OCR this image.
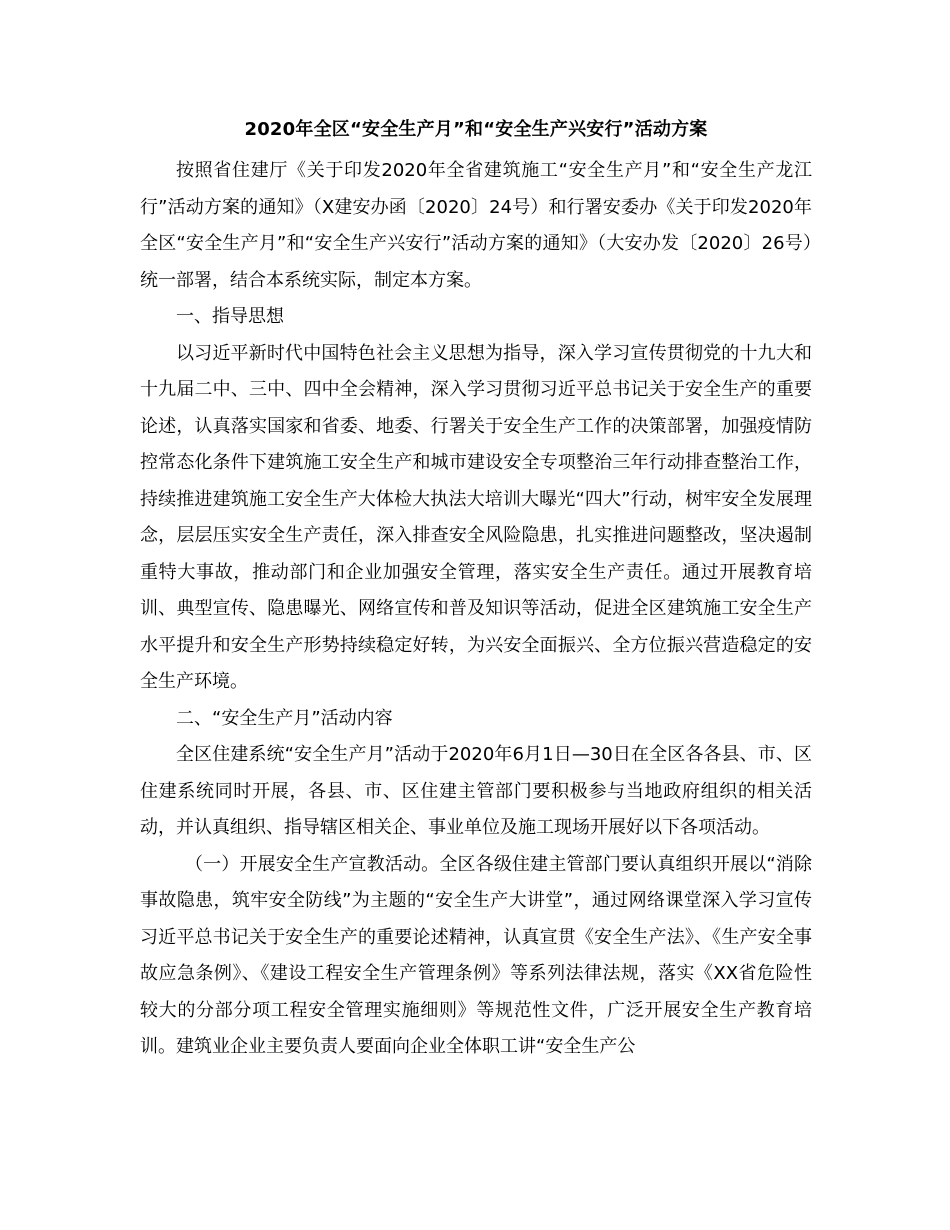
2020年全区“安全生产月”和“安全生产兴安行”活动方案

按照省住建厅《关于印发2020年全省建筑施工“安全生产月”和“安全生产龙江行”活动方案的通知》（X建安办函〔2020〕24号）和行署安委办《关于印发2020年全区“安全生产月”和“安全生产兴安行”活动方案的通知》（大安办发〔2020〕26号）统一部署，结合本系统实际，制定本方案。

一、指导思想

以习近平新时代中国特色社会主义思想为指导，深入学习宣传贯彻党的十九大和十九届二中、三中、四中全会精神，深入学习贯彻习近平总书记关于安全生产的重要论述，认真落实国家和省委、地委、行署关于安全生产工作的决策部署，加强疫情防控常态化条件下建筑施工安全生产和城市建设安全专项整治三年行动排查整治工作，持续推进建筑施工安全生产大体检大执法大培训大曝光“四大”行动，树牢安全发展理念，层层压实安全生产责任，深入排查安全风险隐患，扎实推进问题整改，坚决遏制重特大事故，推动部门和企业加强安全管理，落实安全生产责任。通过开展教育培训、典型宣传、隐患曝光、网络宣传和普及知识等活动，促进全区建筑施工安全生产水平提升和安全生产形势持续稳定好转，为兴安全面振兴、全方位振兴营造稳定的安全生产环境。

二、“安全生产月”活动内容

全区住建系统“安全生产月”活动于2020年6月1日—30日在全区各各县、市、区住建系统同时开展，各县、市、区住建主管部门要积极参与当地政府组织的相关活动，并认真组织、指导辖区相关企、事业单位及施工现场开展好以下各项活动。

（一）开展安全生产宣教活动。全区各级住建主管部门要认真组织开展以“消除事故隐患，筑牢安全防线”为主题的“安全生产大讲堂”，通过网络课堂深入学习宣传习近平总书记关于安全生产的重要论述精神，认真宣贯《安全生产法》、《生产安全事故应急条例》、《建设工程安全生产管理条例》等系列法律法规，落实《XX省危险性较大的分部分项工程安全管理实施细则》等规范性文件，广泛开展安全生产教育培训。建筑业企业主要负责人要面向企业全体职工讲“安全生产公
